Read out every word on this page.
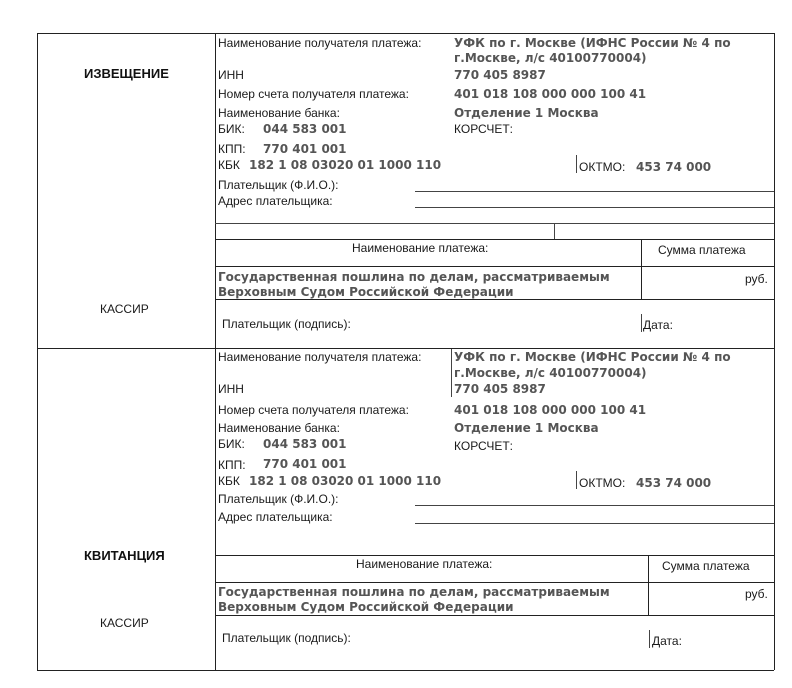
ИЗВЕЩЕНИЕ
КАССИР
Наименование получателя платежа:	УФК по г. Москве (ИФНС России № 4 по
г.Москве, л/с 40100770004)
ИНН	770 405 8987
Номер счета получателя платежа:	401 018 108 000 000 100 41
Наименование банка:	Отделение 1 Москва
БИК: 044 583 001	КОРСЧЕТ:
КПП: 770 401 001
КБК 182 1 08 03020 01 1000 110	ОКТМО: 453 74 000
Плательщик (Ф.И.О.):
Адрес плательщика:
Наименование платежа:	Сумма платежа
Государственная пошлина по делам, рассматриваемым
Верховным Судом Российской Федерации
руб.
Плательщик (подпись):	Дата:
КВИТАНЦИЯ
КАССИР
Наименование получателя платежа:	УФК по г. Москве (ИФНС России № 4 по
г.Москве, л/с 40100770004)
ИНН	770 405 8987
Номер счета получателя платежа:	401 018 108 000 000 100 41
Наименование банка:	Отделение 1 Москва
БИК: 044 583 001	КОРСЧЕТ:
КПП: 770 401 001
КБК 182 1 08 03020 01 1000 110	ОКТМО: 453 74 000
Плательщик (Ф.И.О.):
Адрес плательщика:
Наименование платежа:	Сумма платежа
Государственная пошлина по делам, рассматриваемым
Верховным Судом Российской Федерации
руб.
Плательщик (подпись):	Дата:
